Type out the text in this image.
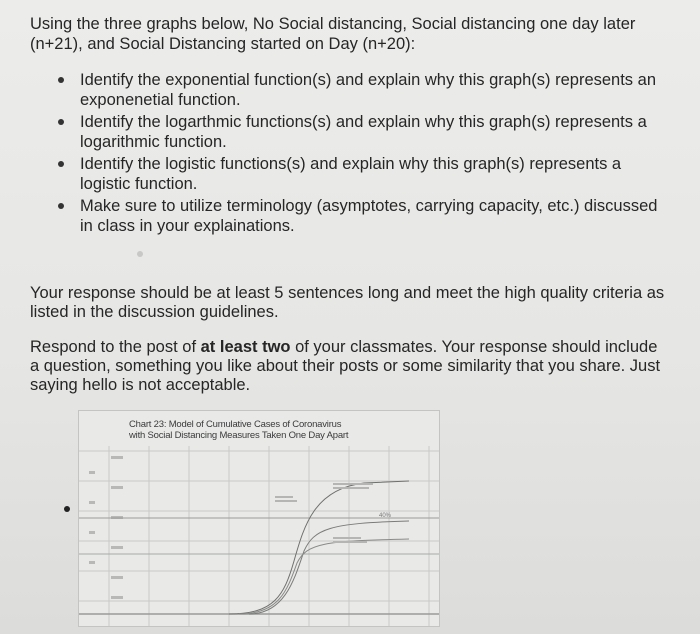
Using the three graphs below, No Social distancing, Social distancing one day later (n+21), and Social Distancing started on Day (n+20):
Identify the exponential function(s) and explain why this graph(s) represents an exponenetial function.
Identify the logarthmic functions(s) and explain why this graph(s) represents a logarithmic function.
Identify the logistic functions(s) and explain why this graph(s) represents a logistic function.
Make sure to utilize terminology (asymptotes, carrying capacity, etc.) discussed in class in your explainations.
Your response should be at least 5 sentences long and meet the high quality criteria as listed in the discussion guidelines.
Respond to the post of at least two of your classmates. Your response should include a question, something you like about their posts or some similarity that you share. Just saying hello is not acceptable.
40%
Chart 23: Model of Cumulative Cases of Coronavirus
with Social Distancing Measures Taken One Day Apart
